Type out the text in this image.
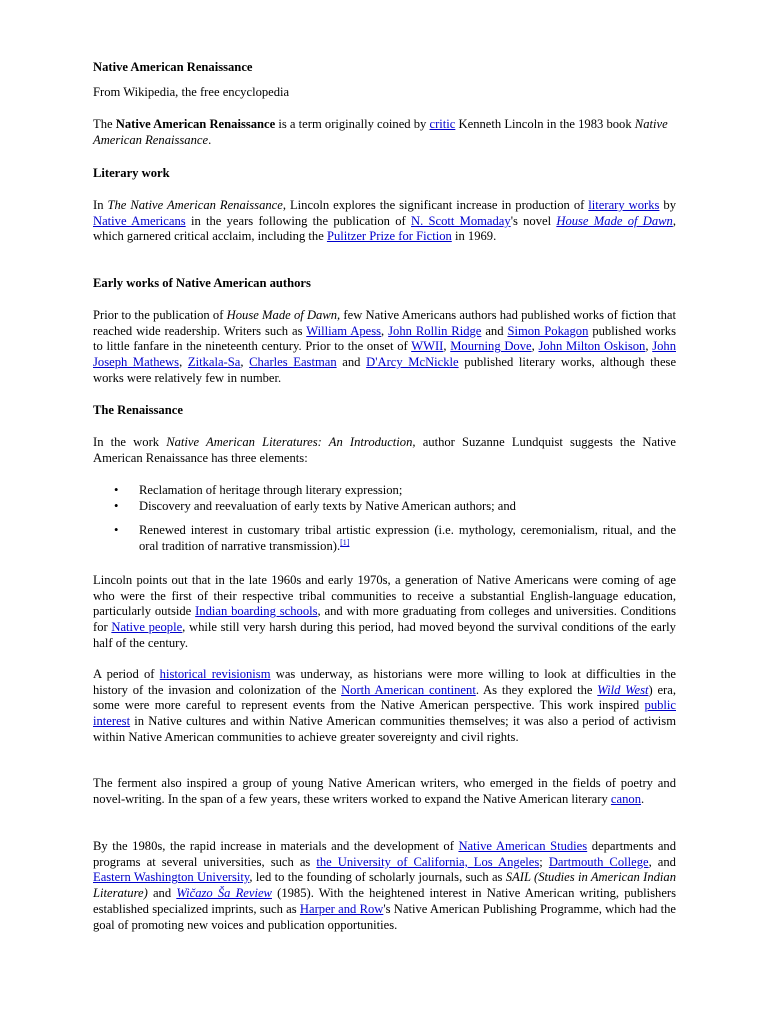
Native American Renaissance

From Wikipedia, the free encyclopedia

The Native American Renaissance is a term originally coined by critic Kenneth Lincoln in the 1983 book Native American Renaissance.

Literary work

In The Native American Renaissance, Lincoln explores the significant increase in production of literary works by Native Americans in the years following the publication of N. Scott Momaday's novel House Made of Dawn, which garnered critical acclaim, including the Pulitzer Prize for Fiction in 1969.

Early works of Native American authors

Prior to the publication of House Made of Dawn, few Native Americans authors had published works of fiction that reached wide readership. Writers such as William Apess, John Rollin Ridge and Simon Pokagon published works to little fanfare in the nineteenth century. Prior to the onset of WWII, Mourning Dove, John Milton Oskison, John Joseph Mathews, Zitkala-Sa, Charles Eastman and D'Arcy McNickle published literary works, although these works were relatively few in number.

The Renaissance

In the work Native American Literatures: An Introduction, author Suzanne Lundquist suggests the Native American Renaissance has three elements:

• Reclamation of heritage through literary expression;
• Discovery and reevaluation of early texts by Native American authors; and
• Renewed interest in customary tribal artistic expression (i.e. mythology, ceremonialism, ritual, and the oral tradition of narrative transmission).[1]

Lincoln points out that in the late 1960s and early 1970s, a generation of Native Americans were coming of age who were the first of their respective tribal communities to receive a substantial English-language education, particularly outside Indian boarding schools, and with more graduating from colleges and universities. Conditions for Native people, while still very harsh during this period, had moved beyond the survival conditions of the early half of the century.

A period of historical revisionism was underway, as historians were more willing to look at difficulties in the history of the invasion and colonization of the North American continent. As they explored the Wild West) era, some were more careful to represent events from the Native American perspective. This work inspired public interest in Native cultures and within Native American communities themselves; it was also a period of activism within Native American communities to achieve greater sovereignty and civil rights.

The ferment also inspired a group of young Native American writers, who emerged in the fields of poetry and novel-writing. In the span of a few years, these writers worked to expand the Native American literary canon.

By the 1980s, the rapid increase in materials and the development of Native American Studies departments and programs at several universities, such as the University of California, Los Angeles; Dartmouth College, and Eastern Washington University, led to the founding of scholarly journals, such as SAIL (Studies in American Indian Literature) and Wičazo Ša Review (1985). With the heightened interest in Native American writing, publishers established specialized imprints, such as Harper and Row's Native American Publishing Programme, which had the goal of promoting new voices and publication opportunities.
